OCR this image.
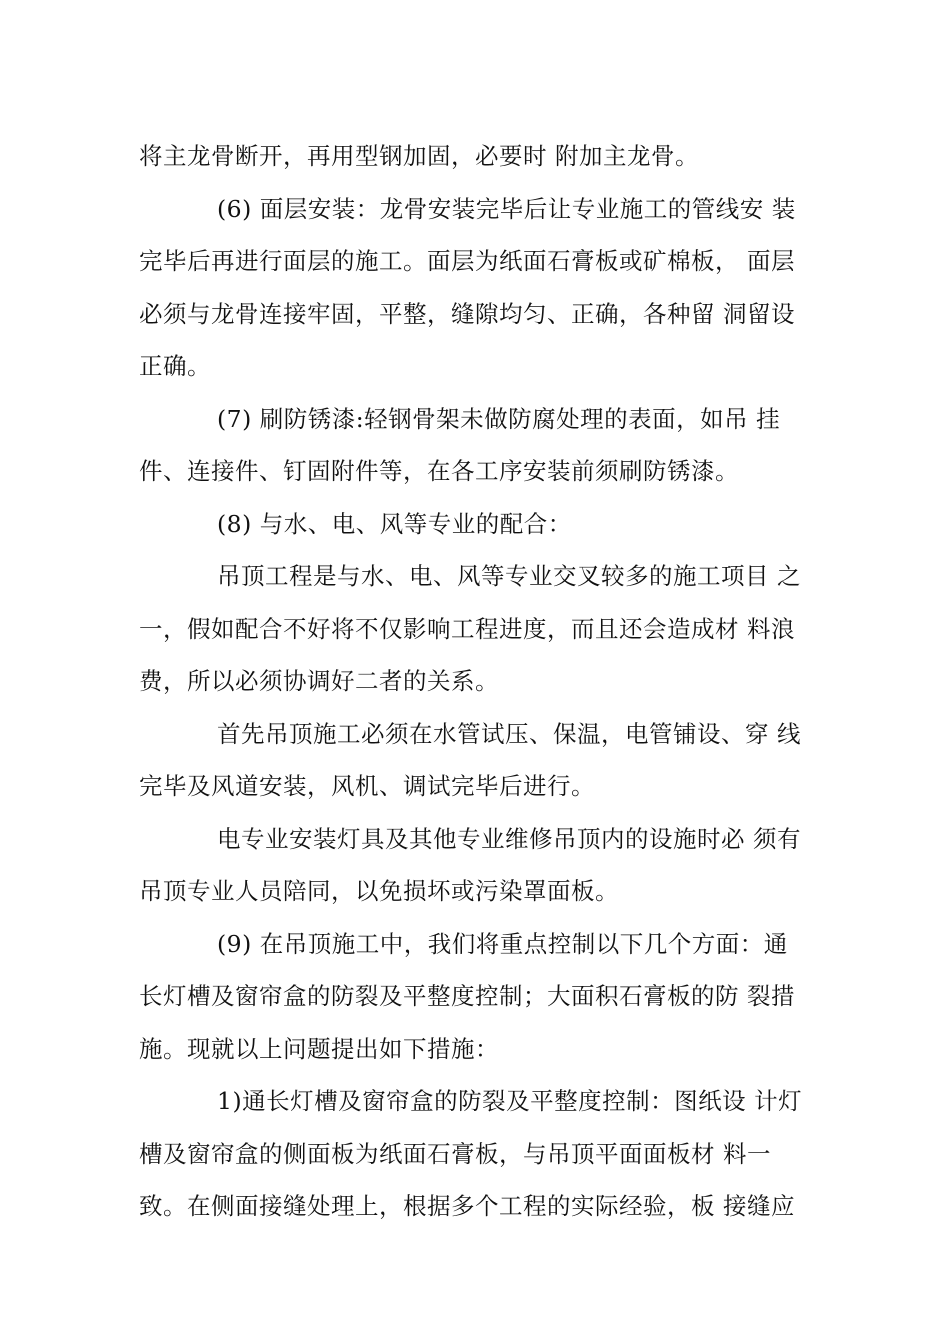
将主龙骨断开，再用型钢加固，必要时 附加主龙骨。
(6) 面层安装：龙骨安装完毕后让专业施工的管线安 装
完毕后再进行面层的施工。面层为纸面石膏板或矿棉板， 面层
必须与龙骨连接牢固，平整，缝隙均匀、正确，各种留 洞留设
正确。
(7) 刷防锈漆:轻钢骨架未做防腐处理的表面，如吊 挂
件、连接件、钉固附件等，在各工序安装前须刷防锈漆。
(8) 与水、电、风等专业的配合：
吊顶工程是与水、电、风等专业交叉较多的施工项目 之
一，假如配合不好将不仅影响工程进度，而且还会造成材 料浪
费，所以必须协调好二者的关系。
首先吊顶施工必须在水管试压、保温，电管铺设、穿 线
完毕及风道安装，风机、调试完毕后进行。
电专业安装灯具及其他专业维修吊顶内的设施时必 须有
吊顶专业人员陪同，以免损坏或污染罩面板。
(9) 在吊顶施工中，我们将重点控制以下几个方面：通
长灯槽及窗帘盒的防裂及平整度控制；大面积石膏板的防 裂措
施。现就以上问题提出如下措施：
1)通长灯槽及窗帘盒的防裂及平整度控制：图纸设 计灯
槽及窗帘盒的侧面板为纸面石膏板，与吊顶平面面板材 料一
致。在侧面接缝处理上，根据多个工程的实际经验，板 接缝应
